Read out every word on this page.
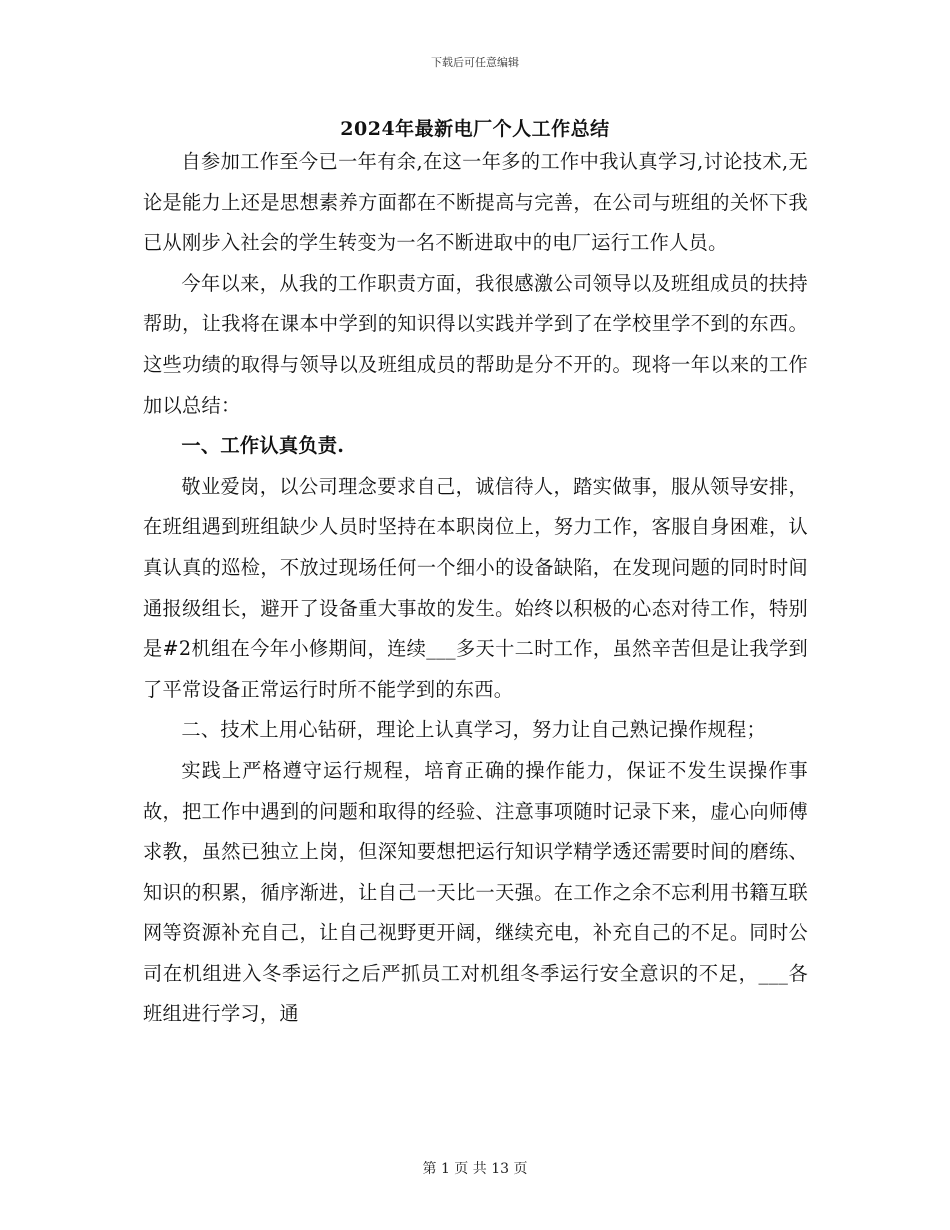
下载后可任意编辑
2024年最新电厂个人工作总结

自参加工作至今已一年有余,在这一年多的工作中我认真学习,讨论技术,无论是能力上还是思想素养方面都在不断提高与完善，在公司与班组的关怀下我已从刚步入社会的学生转变为一名不断进取中的电厂运行工作人员。

今年以来，从我的工作职责方面，我很感激公司领导以及班组成员的扶持帮助，让我将在课本中学到的知识得以实践并学到了在学校里学不到的东西。这些功绩的取得与领导以及班组成员的帮助是分不开的。现将一年以来的工作加以总结：

一、工作认真负责.

敬业爱岗，以公司理念要求自己，诚信待人，踏实做事，服从领导安排，在班组遇到班组缺少人员时坚持在本职岗位上，努力工作，客服自身困难，认真认真的巡检，不放过现场任何一个细小的设备缺陷，在发现问题的同时时间通报级组长，避开了设备重大事故的发生。始终以积极的心态对待工作，特别是#2机组在今年小修期间，连续___多天十二时工作，虽然辛苦但是让我学到了平常设备正常运行时所不能学到的东西。

二、技术上用心钻研，理论上认真学习，努力让自己熟记操作规程；

实践上严格遵守运行规程，培育正确的操作能力，保证不发生误操作事故，把工作中遇到的问题和取得的经验、注意事项随时记录下来，虚心向师傅求教，虽然已独立上岗，但深知要想把运行知识学精学透还需要时间的磨练、知识的积累，循序渐进，让自己一天比一天强。在工作之余不忘利用书籍互联网等资源补充自己，让自己视野更开阔，继续充电，补充自己的不足。同时公司在机组进入冬季运行之后严抓员工对机组冬季运行安全意识的不足，___各班组进行学习，通

第 1 页 共 13 页
